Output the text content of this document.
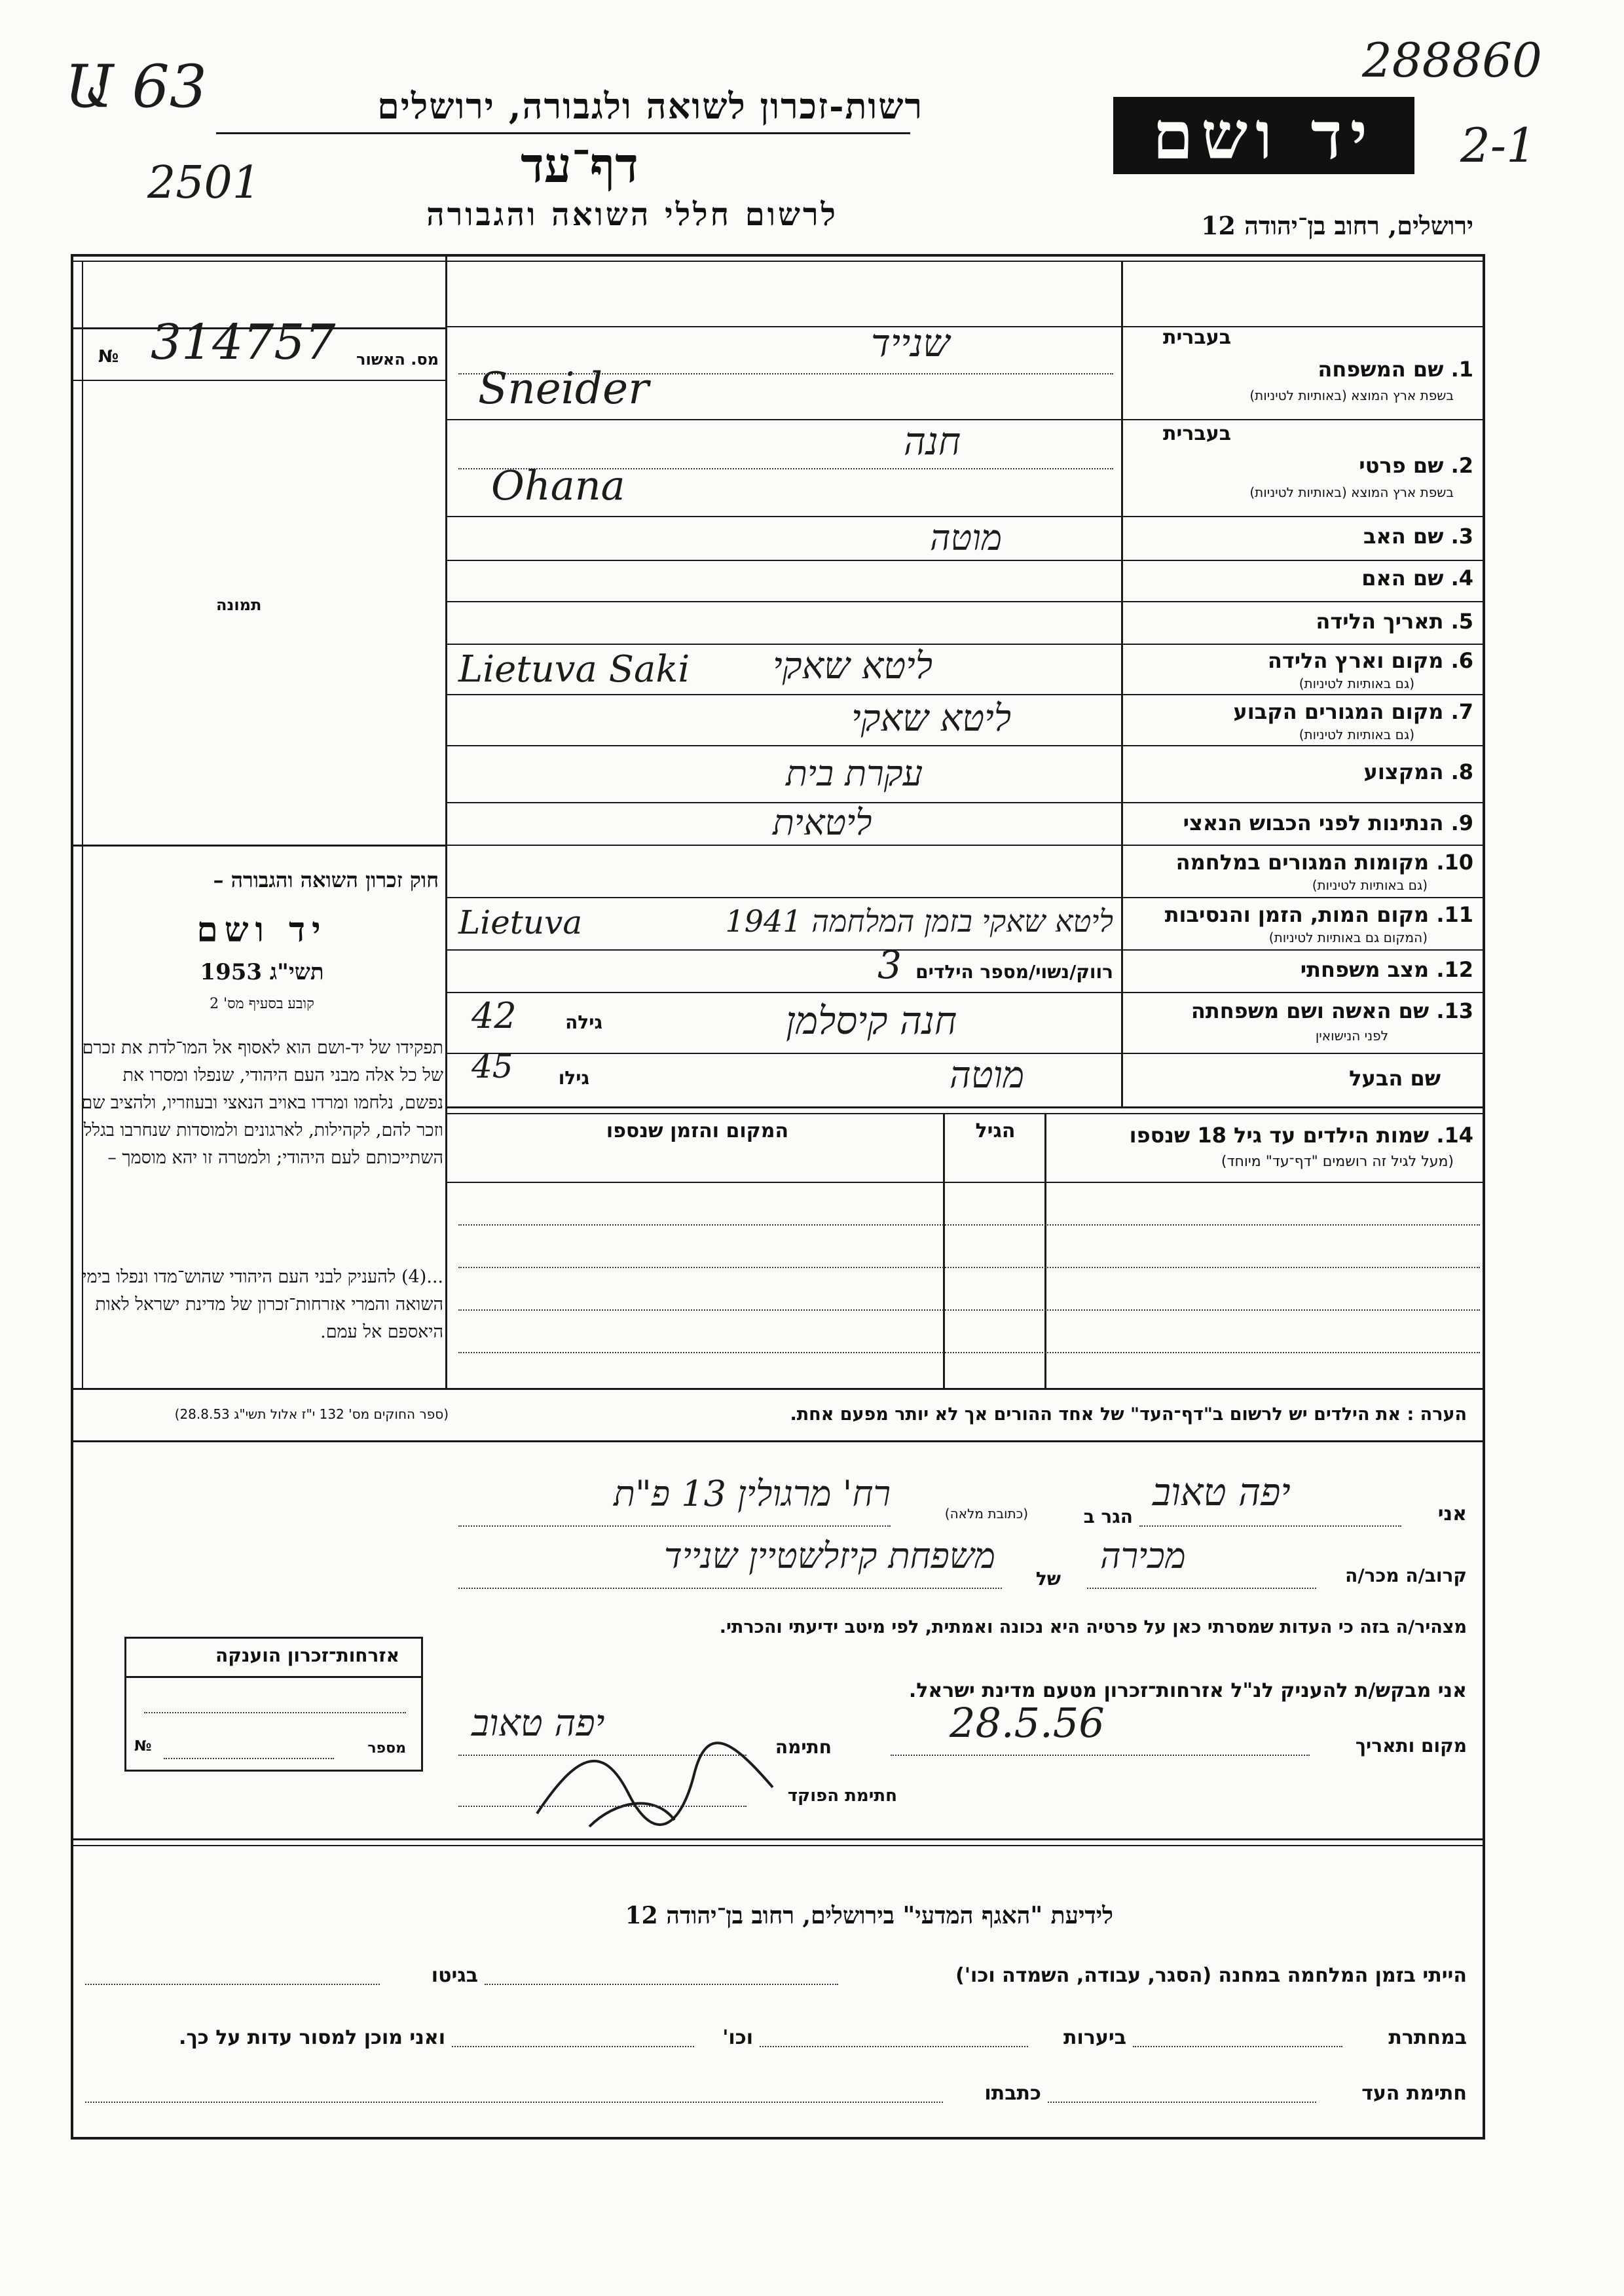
Ա 63
2501
רשות-זכרון לשואה ולגבורה, ירושלים
דף־עד
לרשום חללי השואה והגבורה
יד ושם
288860
2-1
ירושלים, רחוב בן־יהודה 12
№ 314757	מס. האשור
תמונה
חוק זכרון השואה והגבורה –
יד ושם
תשי"ג 1953
קובע בסעיף מס' 2
תפקידו של יד-ושם הוא לאסוף אל המו־לדת את זכרם של כל אלה מבני העם היהודי, שנפלו ומסרו את נפשם, נלחמו ומרדו באויב הנאצי ובעוזריו, ולהציב שם וזכר להם, לקהילות, לארגונים ולמוסדות שנחרבו בגלל השתייכותם לעם היהודי; ולמטרה זו יהא מוסמך –
...(4) להעניק לבני העם היהודי שהוש־מדו ונפלו בימי השואה והמרי אזרחות־זכרון של מדינת ישראל לאות היאספם אל עמם.
בעברית
1. שם המשפחה
בשפת ארץ המוצא (באותיות לטיניות)
שנייד
Sneider
בעברית
2. שם פרטי
בשפת ארץ המוצא (באותיות לטיניות)
חנה
Ohana
3. שם האב
מוטה
4. שם האם
5. תאריך הלידה
6. מקום וארץ הלידה
(גם באותיות לטיניות)
ליטא שאקי
Lietuva Saki
7. מקום המגורים הקבוע
(גם באותיות לטיניות)
ליטא שאקי
8. המקצוע
עקרת בית
9. הנתינות לפני הכבוש הנאצי
ליטאית
10. מקומות המגורים במלחמה
(גם באותיות לטיניות)
11. מקום המות, הזמן והנסיבות
(המקום גם באותיות לטיניות)
ליטא שאקי בזמן המלחמה 1941
Lietuva
12. מצב משפחתי
רווק/נשוי/מספר הילדים
3
13. שם האשה ושם משפחתה
לפני הנישואין
חנה קיסלמן
גילה
42
שם הבעל
מוטה
גילו
45
14. שמות הילדים עד גיל 18 שנספו
(מעל לגיל זה רושמים "דף־עד" מיוחד)
הגיל
המקום והזמן שנספו
(ספר החוקים מס' 132 י"ז אלול תשי"ג 28.8.53)	הערה : את הילדים יש לרשום ב"דף־העד" של אחד ההורים אך לא יותר מפעם אחת.
אני
יפה טאוב
הגר ב
(כתובת מלאה)
רח' מרגולין 13 פ"ת
קרוב/ה מכר/ה
מכירה
של
משפחת קיזלשטיין שנייד
מצהיר/ה בזה כי העדות שמסרתי כאן על פרטיה היא נכונה ואמתית, לפי מיטב ידיעתי והכרתי.
אני מבקש/ת להעניק לנ"ל אזרחות־זכרון מטעם מדינת ישראל.
מקום ותאריך
28.5.56
חתימה
יפה טאוב
חתימת הפוקד
אזרחות־זכרון הוענקה
№	מספר
לידיעת "האגף המדעי" בירושלים, רחוב בן־יהודה 12
הייתי בזמן המלחמה במחנה (הסגר, עבודה, השמדה וכו')
בגיטו
במחתרת
ביערות
וכו'
ואני מוכן למסור עדות על כך.
חתימת העד
כתבתו
